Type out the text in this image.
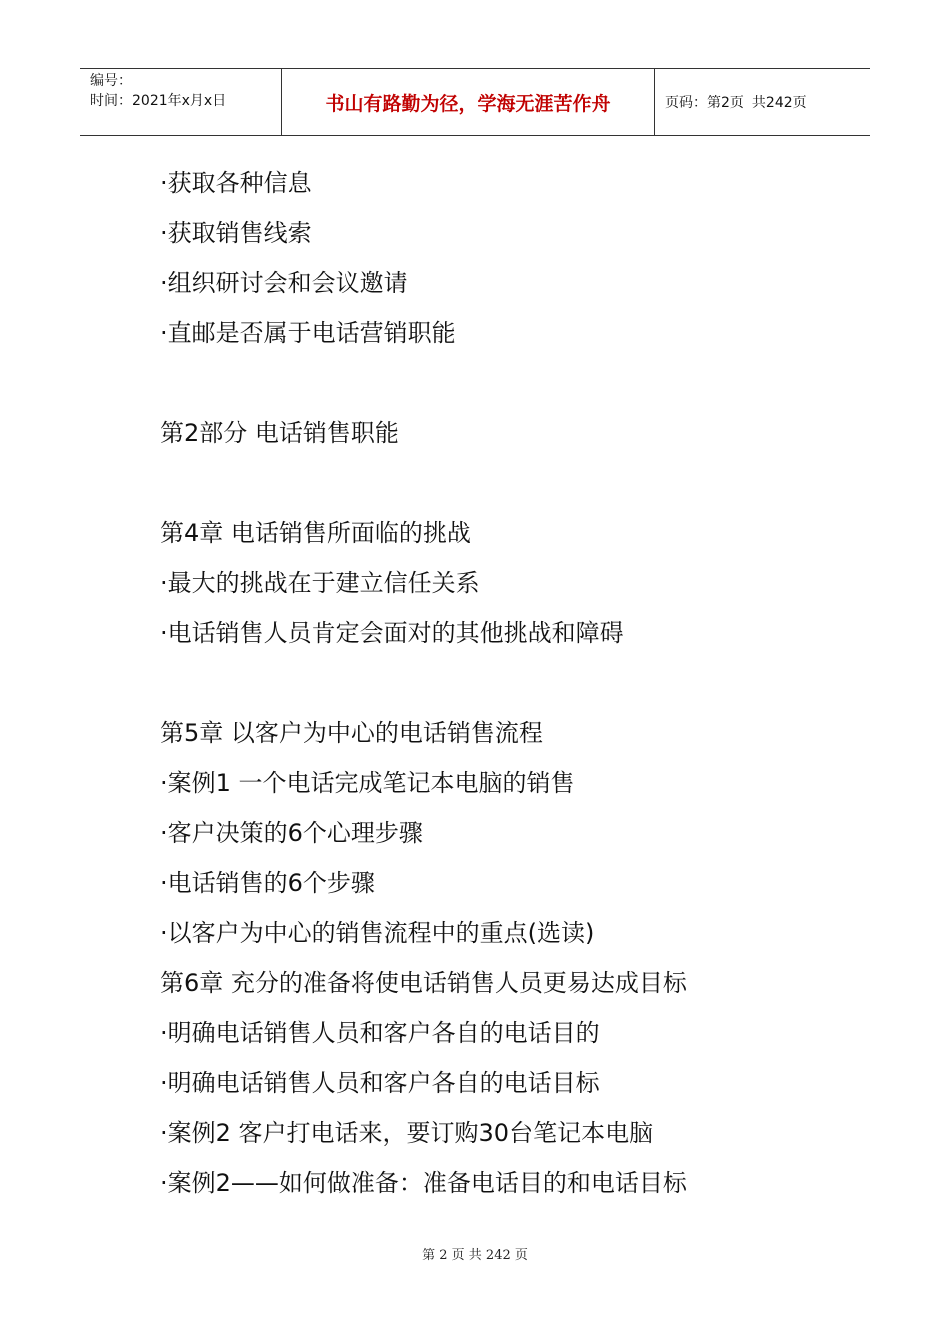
编号：
时间：2021年x月x日	书山有路勤为径，学海无涯苦作舟	页码：第2页 共242页
·获取各种信息
·获取销售线索
·组织研讨会和会议邀请
·直邮是否属于电话营销职能
第2部分 电话销售职能
第4章 电话销售所面临的挑战
·最大的挑战在于建立信任关系
·电话销售人员肯定会面对的其他挑战和障碍
第5章 以客户为中心的电话销售流程
·案例1 一个电话完成笔记本电脑的销售
·客户决策的6个心理步骤
·电话销售的6个步骤
·以客户为中心的销售流程中的重点(选读)
第6章 充分的准备将使电话销售人员更易达成目标
·明确电话销售人员和客户各自的电话目的
·明确电话销售人员和客户各自的电话目标
·案例2 客户打电话来，要订购30台笔记本电脑
·案例2——如何做准备：准备电话目的和电话目标
第 2 页 共 242 页
